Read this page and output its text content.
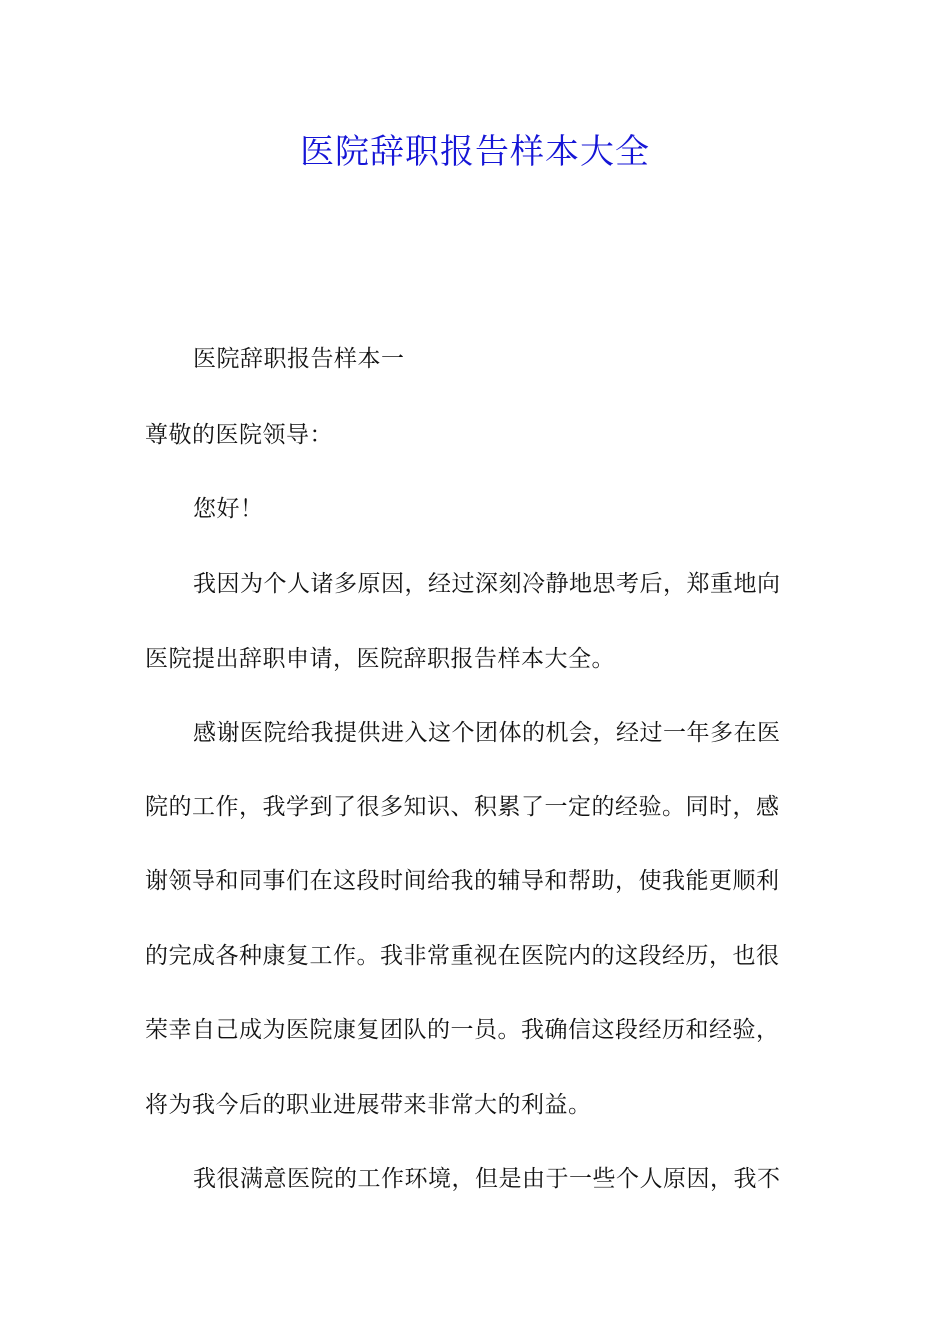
医院辞职报告样本大全
医院辞职报告样本一
尊敬的医院领导：
您好！
我因为个人诸多原因，经过深刻冷静地思考后，郑重地向
医院提出辞职申请，医院辞职报告样本大全。
感谢医院给我提供进入这个团体的机会，经过一年多在医
院的工作，我学到了很多知识、积累了一定的经验。同时，感
谢领导和同事们在这段时间给我的辅导和帮助，使我能更顺利
的完成各种康复工作。我非常重视在医院内的这段经历，也很
荣幸自己成为医院康复团队的一员。我确信这段经历和经验，
将为我今后的职业进展带来非常大的利益。
我很满意医院的工作环境，但是由于一些个人原因，我不
